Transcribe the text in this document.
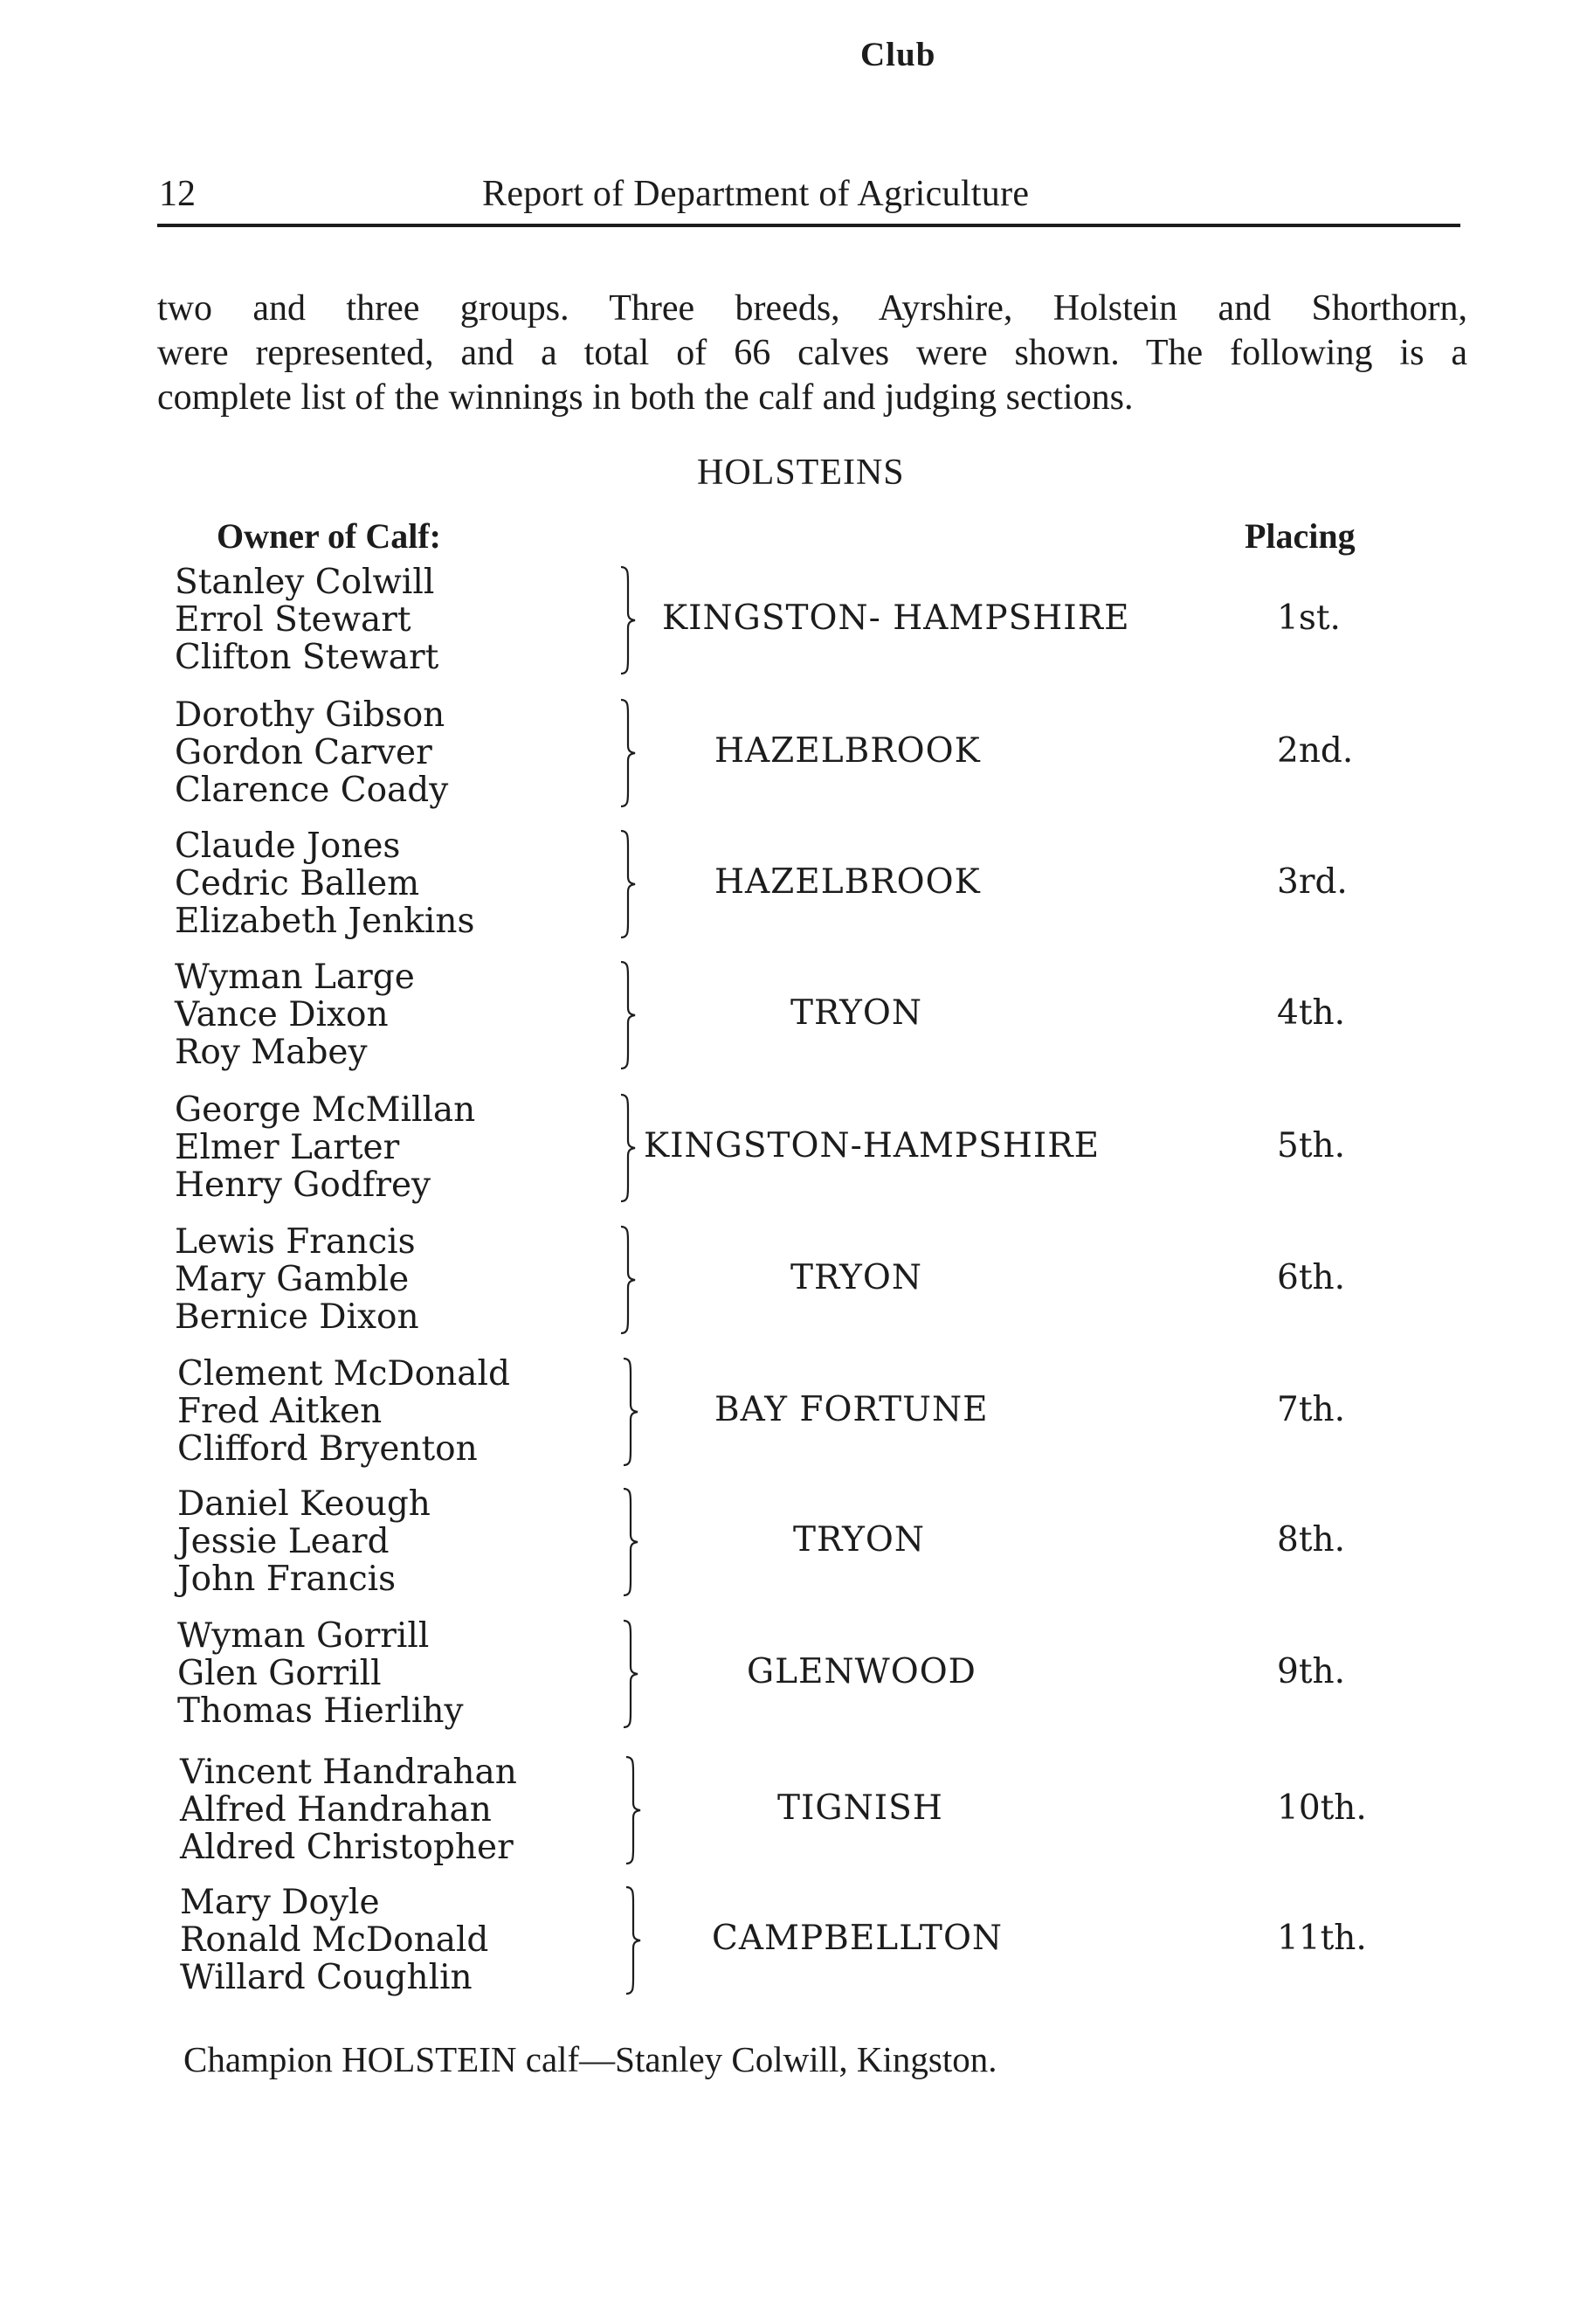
12	Report of Department of Agriculture
two and three groups. Three breeds, Ayrshire, Holstein and Shorthorn,
were represented, and a total of 66 calves were shown. The following is a
complete list of the winnings in both the calf and judging sections.
HOLSTEINS
Owner of Calf:
Club
Placing
Stanley Colwill
Errol Stewart
Clifton Stewart
KINGSTON- HAMPSHIRE	1st.
Dorothy Gibson
Gordon Carver
Clarence Coady
HAZELBROOK	2nd.
Claude Jones
Cedric Ballem
Elizabeth Jenkins
HAZELBROOK	3rd.
Wyman Large
Vance Dixon
Roy Mabey
TRYON	4th.
George McMillan
Elmer Larter
Henry Godfrey
KINGSTON-HAMPSHIRE	5th.
Lewis Francis
Mary Gamble
Bernice Dixon
TRYON	6th.
Clement McDonald
Fred Aitken
Clifford Bryenton
BAY FORTUNE	7th.
Daniel Keough
Jessie Leard
John Francis
TRYON	8th.
Wyman Gorrill
Glen Gorrill
Thomas Hierlihy
GLENWOOD	9th.
Vincent Handrahan
Alfred Handrahan
Aldred Christopher
TIGNISH	10th.
Mary Doyle
Ronald McDonald
Willard Coughlin
CAMPBELLTON	11th.
Champion HOLSTEIN calf—Stanley Colwill, Kingston.
